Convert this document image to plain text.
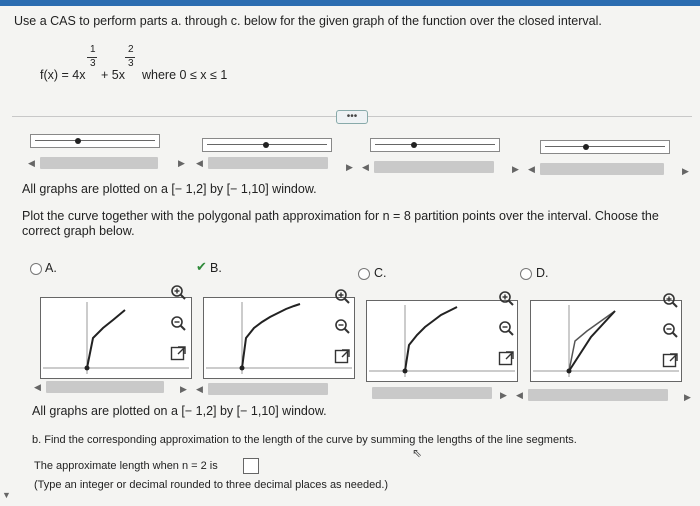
Use a CAS to perform parts a. through c. below for the given graph of the function over the closed interval.
f(x) = 4x
1
3
+ 5x
2
3
where 0 ≤ x ≤ 1
•••
◀	▶ ◀	▶ ◀	▶ ◀	▶
All graphs are plotted on a [− 1,2] by [− 1,10] window.
Plot the curve together with the polygonal path approximation for n = 8 partition points over the interval. Choose the correct graph below.
A.	✔ B.	C.	D.
◀	▶ ◀
▶ ◀	▶
All graphs are plotted on a [− 1,2] by [− 1,10] window.
b. Find the corresponding approximation to the length of the curve by summing the lengths of the line segments.
⇖
The approximate length when n = 2 is
(Type an integer or decimal rounded to three decimal places as needed.)
▼
